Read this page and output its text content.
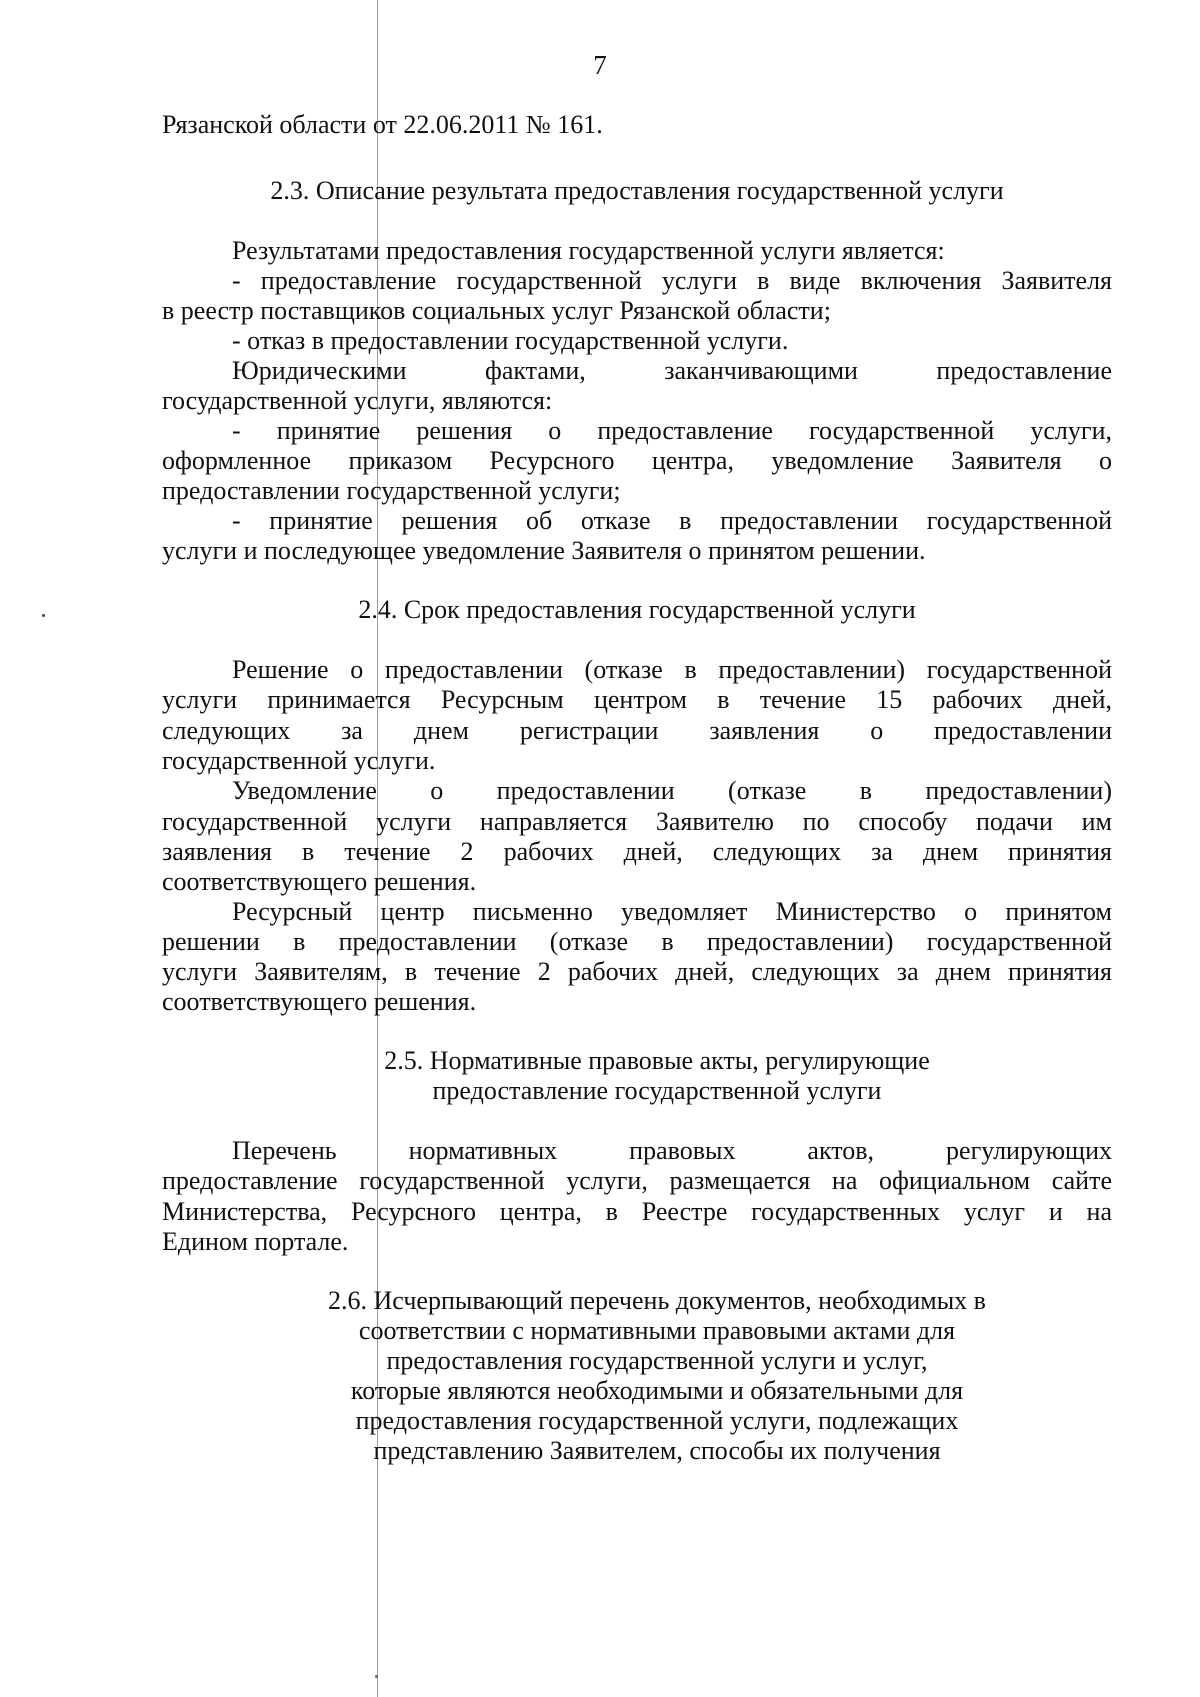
7
Рязанской области от 22.06.2011 № 161.
2.3. Описание результата предоставления государственной услуги
Результатами предоставления государственной услуги является:
- предоставление государственной услуги в виде включения Заявителя
в реестр поставщиков социальных услуг Рязанской области;
- отказ в предоставлении государственной услуги.
Юридическими фактами, заканчивающими предоставление
государственной услуги, являются:
- принятие решения о предоставление государственной услуги,
оформленное приказом Ресурсного центра, уведомление Заявителя о
предоставлении государственной услуги;
- принятие решения об отказе в предоставлении государственной
услуги и последующее уведомление Заявителя о принятом решении.
2.4. Срок предоставления государственной услуги
Решение о предоставлении (отказе в предоставлении) государственной
услуги принимается Ресурсным центром в течение 15 рабочих дней,
следующих за днем регистрации заявления о предоставлении
государственной услуги.
Уведомление о предоставлении (отказе в предоставлении)
государственной услуги направляется Заявителю по способу подачи им
заявления в течение 2 рабочих дней, следующих за днем принятия
соответствующего решения.
Ресурсный центр письменно уведомляет Министерство о принятом
решении в предоставлении (отказе в предоставлении) государственной
услуги Заявителям, в течение 2 рабочих дней, следующих за днем принятия
соответствующего решения.
2.5. Нормативные правовые акты, регулирующие
предоставление государственной услуги
Перечень нормативных правовых актов, регулирующих
предоставление государственной услуги, размещается на официальном сайте
Министерства, Ресурсного центра, в Реестре государственных услуг и на
Едином портале.
2.6. Исчерпывающий перечень документов, необходимых в
соответствии с нормативными правовыми актами для
предоставления государственной услуги и услуг,
которые являются необходимыми и обязательными для
предоставления государственной услуги, подлежащих
представлению Заявителем, способы их получения
